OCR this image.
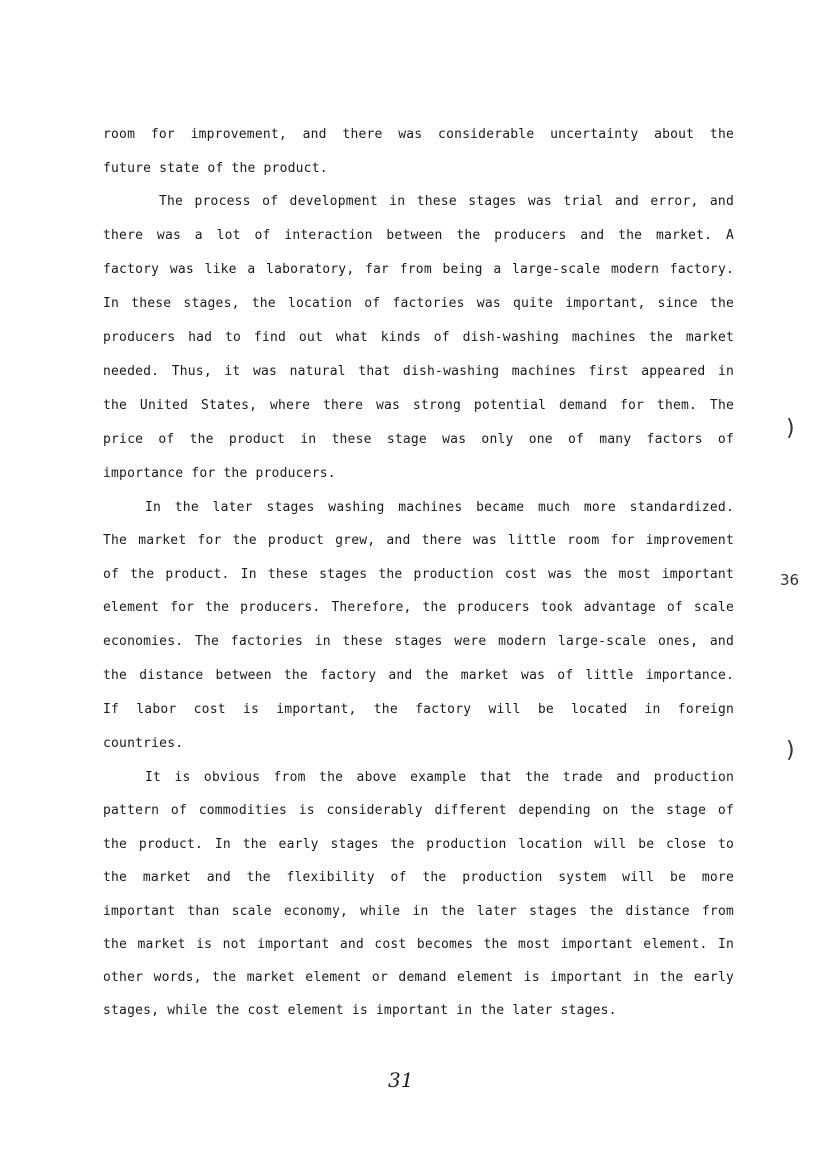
room for improvement, and there was considerable uncertainty about the
future state of the product.
The process of development in these stages was trial and error, and
there was a lot of interaction between the producers and the market. A
factory was like a laboratory, far from being a large-scale modern factory.
In these stages, the location of factories was quite important, since the
producers had to find out what kinds of dish-washing machines the market
needed. Thus, it was natural that dish-washing machines first appeared in
the United States, where there was strong potential demand for them. The
price of the product in these stage was only one of many factors of
importance for the producers.
In the later stages washing machines became much more standardized.
The market for the product grew, and there was little room for improvement
of the product. In these stages the production cost was the most important
element for the producers. Therefore, the producers took advantage of scale
economies. The factories in these stages were modern large-scale ones, and
the distance between the factory and the market was of little importance.
If labor cost is important, the factory will be located in foreign
countries.
It is obvious from the above example that the trade and production
pattern of commodities is considerably different depending on the stage of
the product. In the early stages the production location will be close to
the market and the flexibility of the production system will be more
important than scale economy, while in the later stages the distance from
the market is not important and cost becomes the most important element. In
other words, the market element or demand element is important in the early
stages, while the cost element is important in the later stages.
)
36
)
31
